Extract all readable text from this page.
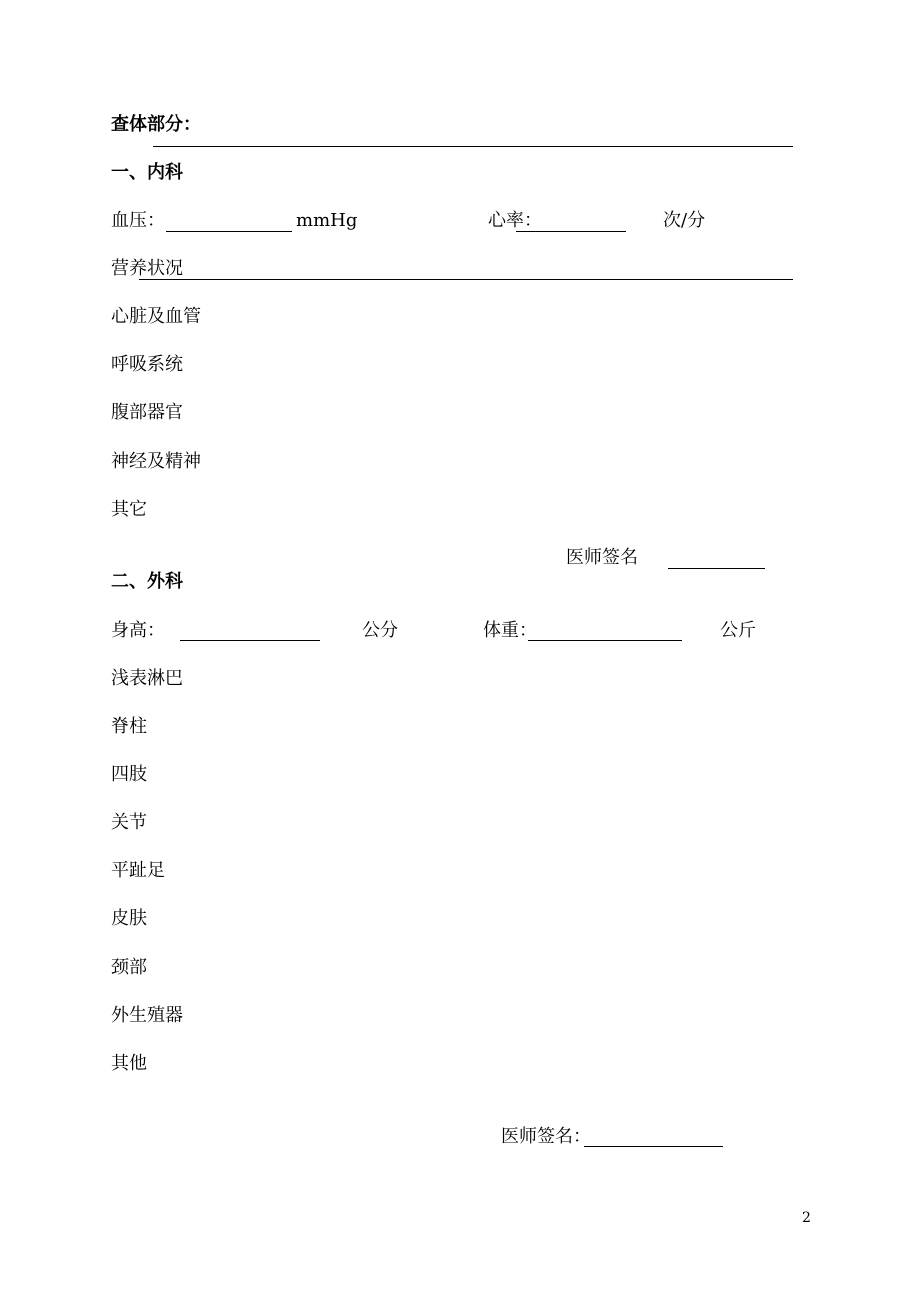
查体部分：
一、内科
血压：	mmHg	心率：	次/分
营养状况
心脏及血管
呼吸系统
腹部器官
神经及精神
其它
医师签名
二、外科
身高：	公分	体重：	公斤
浅表淋巴
脊柱
四肢
关节
平趾足
皮肤
颈部
外生殖器
其他
医师签名：
2
